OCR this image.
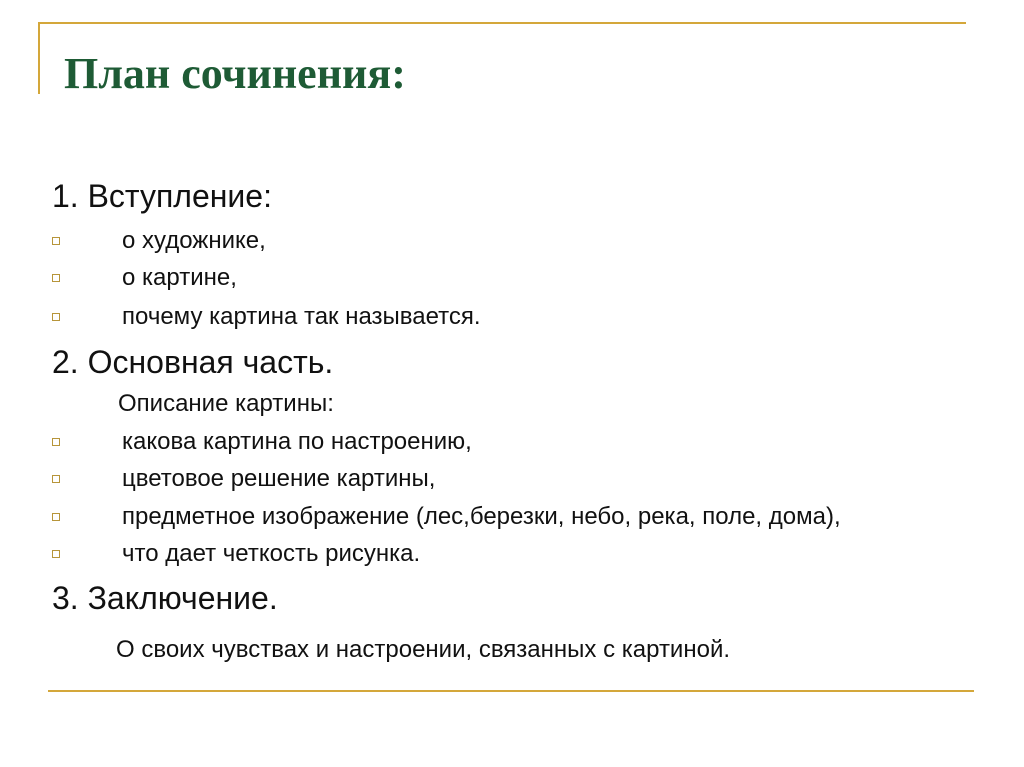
План сочинения:
1. Вступление:
о художнике,
о картине,
почему картина так называется.
2. Основная часть.
Описание картины:
какова картина по настроению,
цветовое решение картины,
предметное изображение (лес,березки, небо, река, поле, дома),
что дает четкость рисунка.
3. Заключение.
О своих чувствах и настроении, связанных с картиной.
